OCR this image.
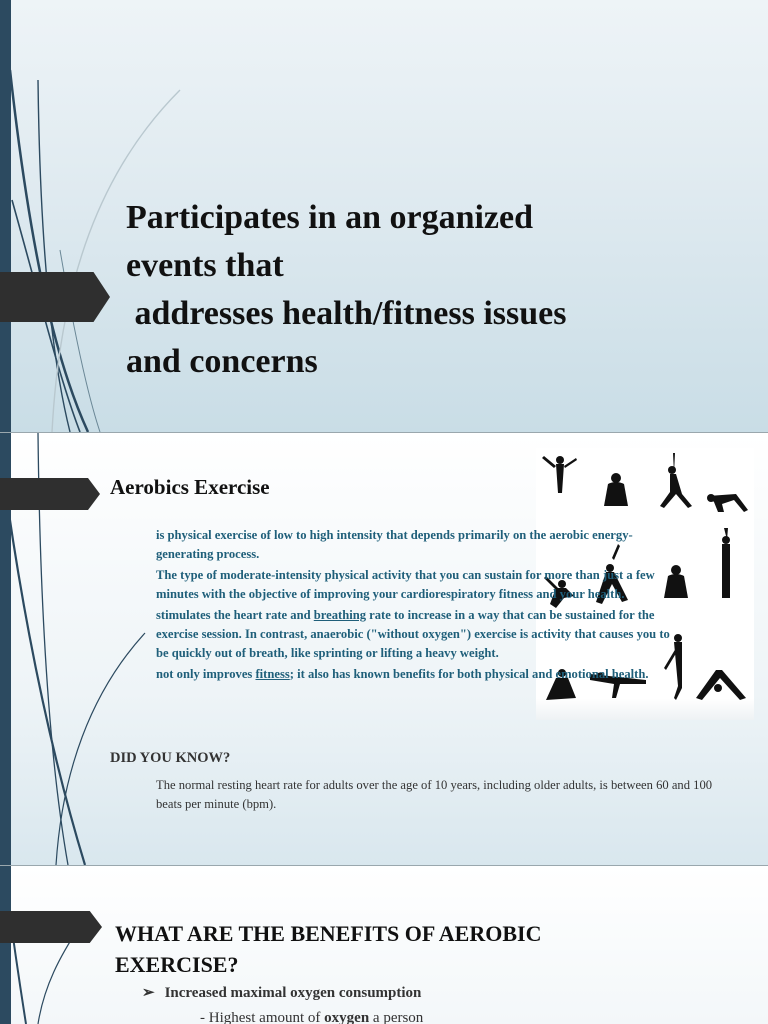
Participates in an organized
events that
addresses health/fitness issues
and concerns
Aerobics Exercise
is physical exercise of low to high intensity that depends primarily on the aerobic energy-generating process.
The type of moderate-intensity physical activity that you can sustain for more than just a few minutes with the objective of improving your cardiorespiratory fitness and your health.
stimulates the heart rate and breathing rate to increase in a way that can be sustained for the exercise session. In contrast, anaerobic ("without oxygen") exercise is activity that causes you to be quickly out of breath, like sprinting or lifting a heavy weight.
not only improves fitness; it also has known benefits for both physical and emotional health.

DID YOU KNOW?

The normal resting heart rate for adults over the age of 10 years, including older adults, is between 60 and 100 beats per minute (bpm).

WHAT ARE THE BENEFITS OF AEROBIC
EXERCISE?

➢ Increased maximal oxygen consumption

- Highest amount of oxygen a person
